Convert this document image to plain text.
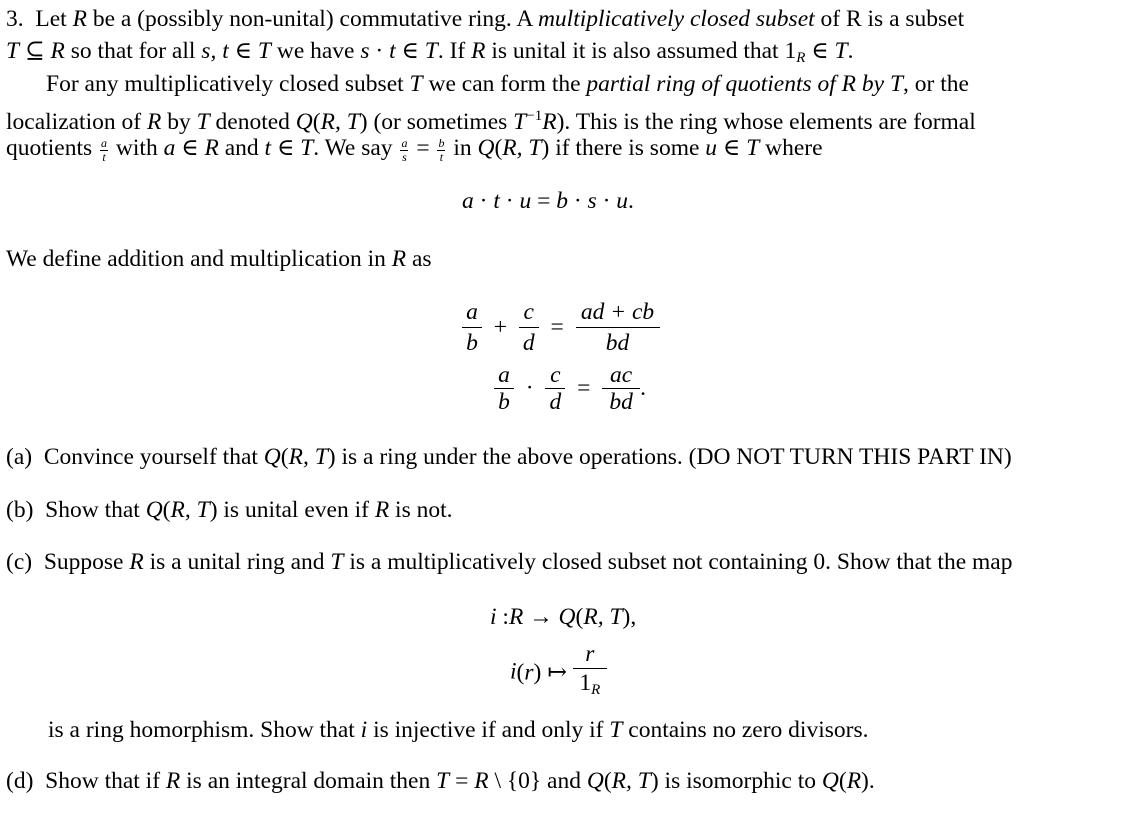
3. Let R be a (possibly non-unital) commutative ring. A multiplicatively closed subset of R is a subset
T ⊆ R so that for all s, t ∈ T we have s · t ∈ T. If R is unital it is also assumed that $1_R$ ∈ T.
For any multiplicatively closed subset T we can form the partial ring of quotients of R by T, or the
localization of R by T denoted Q(R, T) (or sometimes $T^{-1}R$). This is the ring whose elements are formal
quotients $\frac{a}{t}$ with a ∈ R and t ∈ T. We say $\frac{a}{s} = \frac{b}{t}$ in Q(R, T) if there is some u ∈ T where
a · t · u = b · s · u.
We define addition and multiplication in R as
$\frac{a}{b} + \frac{c}{d} = \frac{ad + cb}{bd}$
$\frac{a}{b} \cdot \frac{c}{d} = \frac{ac}{bd}$ .
(a) Convince yourself that Q(R, T) is a ring under the above operations. (DO NOT TURN THIS PART IN)
(b) Show that Q(R, T) is unital even if R is not.
(c) Suppose R is a unital ring and T is a multiplicatively closed subset not containing 0. Show that the map
i :R → Q(R, T),
i(r) ↦ $\frac{r}{1_R}$
is a ring homorphism. Show that i is injective if and only if T contains no zero divisors.
(d) Show that if R is an integral domain then T = R \ {0} and Q(R, T) is isomorphic to Q(R).
